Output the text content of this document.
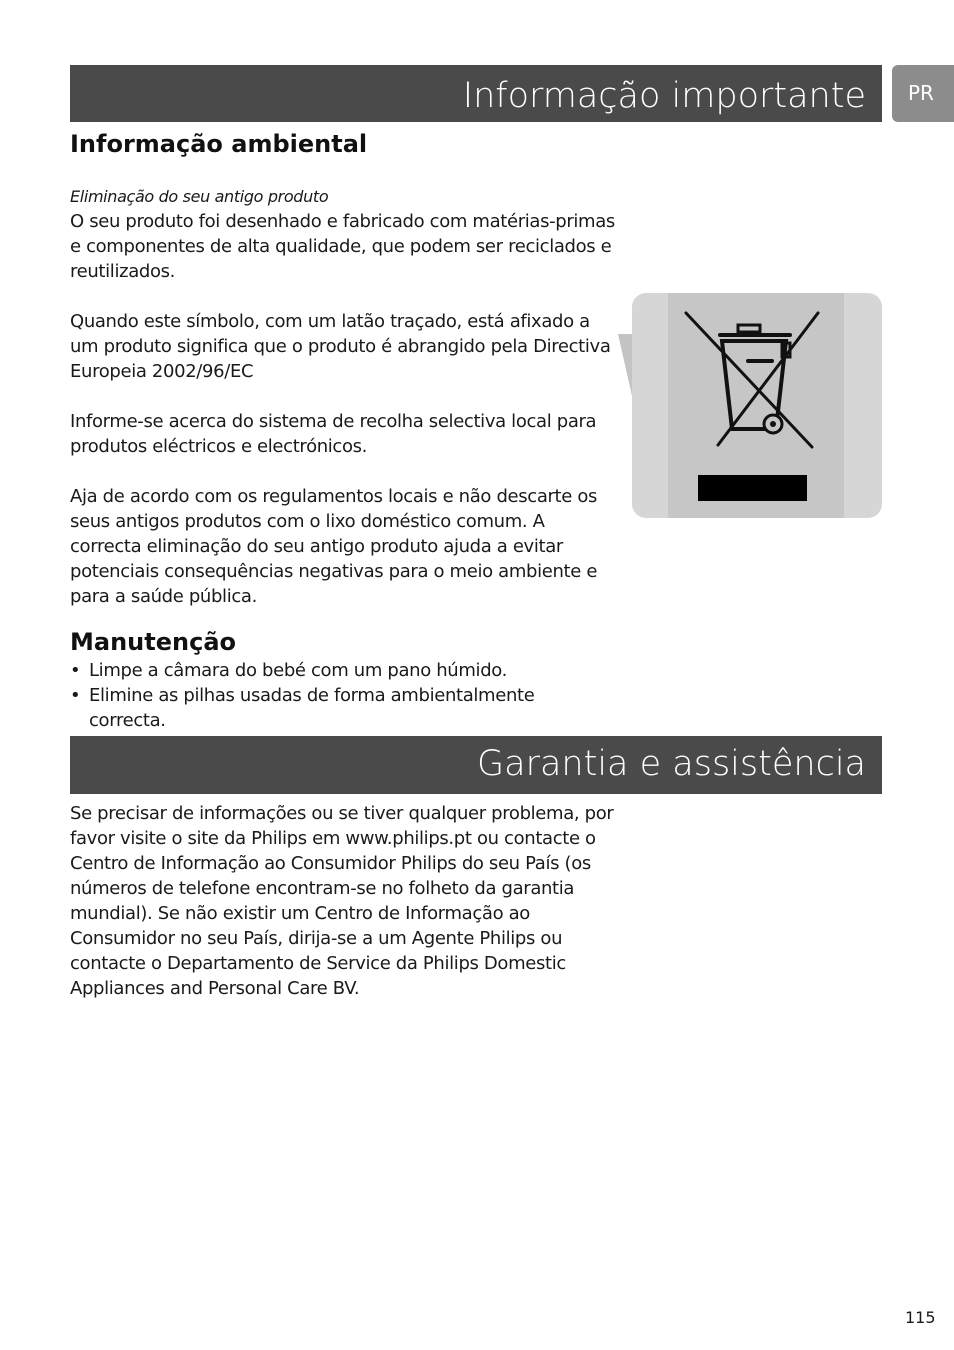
Informação importante	PR
Informação ambiental
Eliminação do seu antigo produto

O seu produto foi desenhado e fabricado com matérias-primas e componentes de alta qualidade, que podem ser reciclados e reutilizados.

Quando este símbolo, com um latão traçado, está afixado a um produto significa que o produto é abrangido pela Directiva Europeia 2002/96/EC

Informe-se acerca do sistema de recolha selectiva local para produtos eléctricos e electrónicos.

Aja de acordo com os regulamentos locais e não descarte os seus antigos produtos com o lixo doméstico comum. A correcta eliminação do seu antigo produto ajuda a evitar potenciais consequências negativas para o meio ambiente e para a saúde pública.

Manutenção
• Limpe a câmara do bebé com um pano húmido.
• Elimine as pilhas usadas de forma ambientalmente correcta.
Garantia e assistência

Se precisar de informações ou se tiver qualquer problema, por favor visite o site da Philips em www.philips.pt ou contacte o Centro de Informação ao Consumidor Philips do seu País (os números de telefone encontram-se no folheto da garantia mundial). Se não existir um Centro de Informação ao Consumidor no seu País, dirija-se a um Agente Philips ou contacte o Departamento de Service da Philips Domestic Appliances and Personal Care BV.

115
